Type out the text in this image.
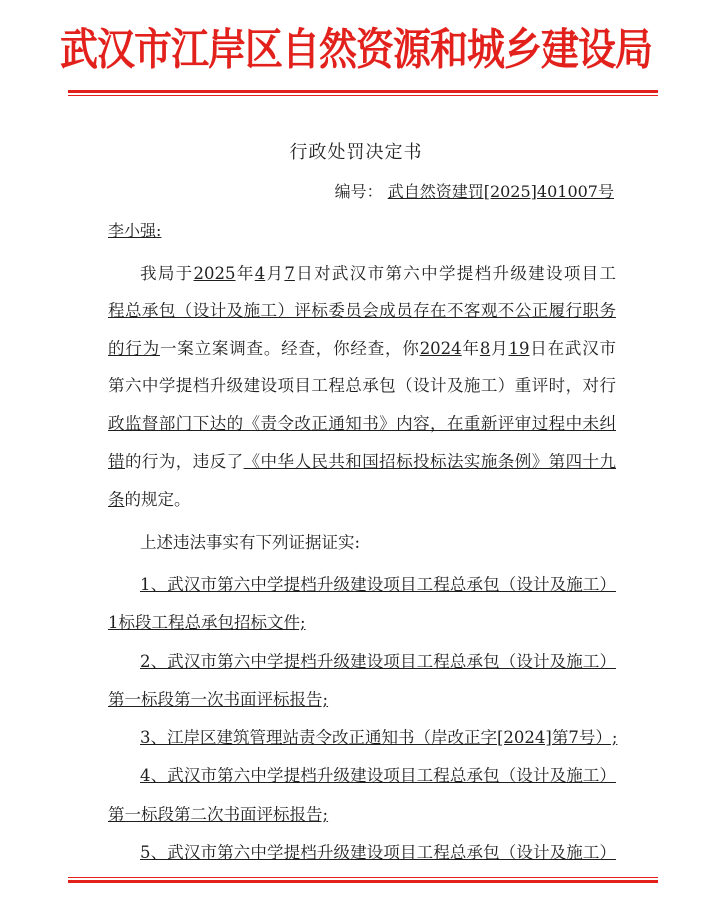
武汉市江岸区自然资源和城乡建设局
行政处罚决定书
编号： 武自然资建罚[2025]401007号
李小强:
我局于2025年4月7日对武汉市第六中学提档升级建设项目工
程总承包（设计及施工）评标委员会成员存在不客观不公正履行职务
的行为一案立案调查。经查，你经查，你2024年8月19日在武汉市
第六中学提档升级建设项目工程总承包（设计及施工）重评时，对行
政监督部门下达的《责令改正通知书》内容，在重新评审过程中未纠
错的行为，违反了《中华人民共和国招标投标法实施条例》第四十九
条的规定。
上述违法事实有下列证据证实:
1、武汉市第六中学提档升级建设项目工程总承包（设计及施工）
1标段工程总承包招标文件;
2、武汉市第六中学提档升级建设项目工程总承包（设计及施工）
第一标段第一次书面评标报告;
3、江岸区建筑管理站责令改正通知书（岸改正字[2024]第7号）;
4、武汉市第六中学提档升级建设项目工程总承包（设计及施工）
第一标段第二次书面评标报告;
5、武汉市第六中学提档升级建设项目工程总承包（设计及施工）
